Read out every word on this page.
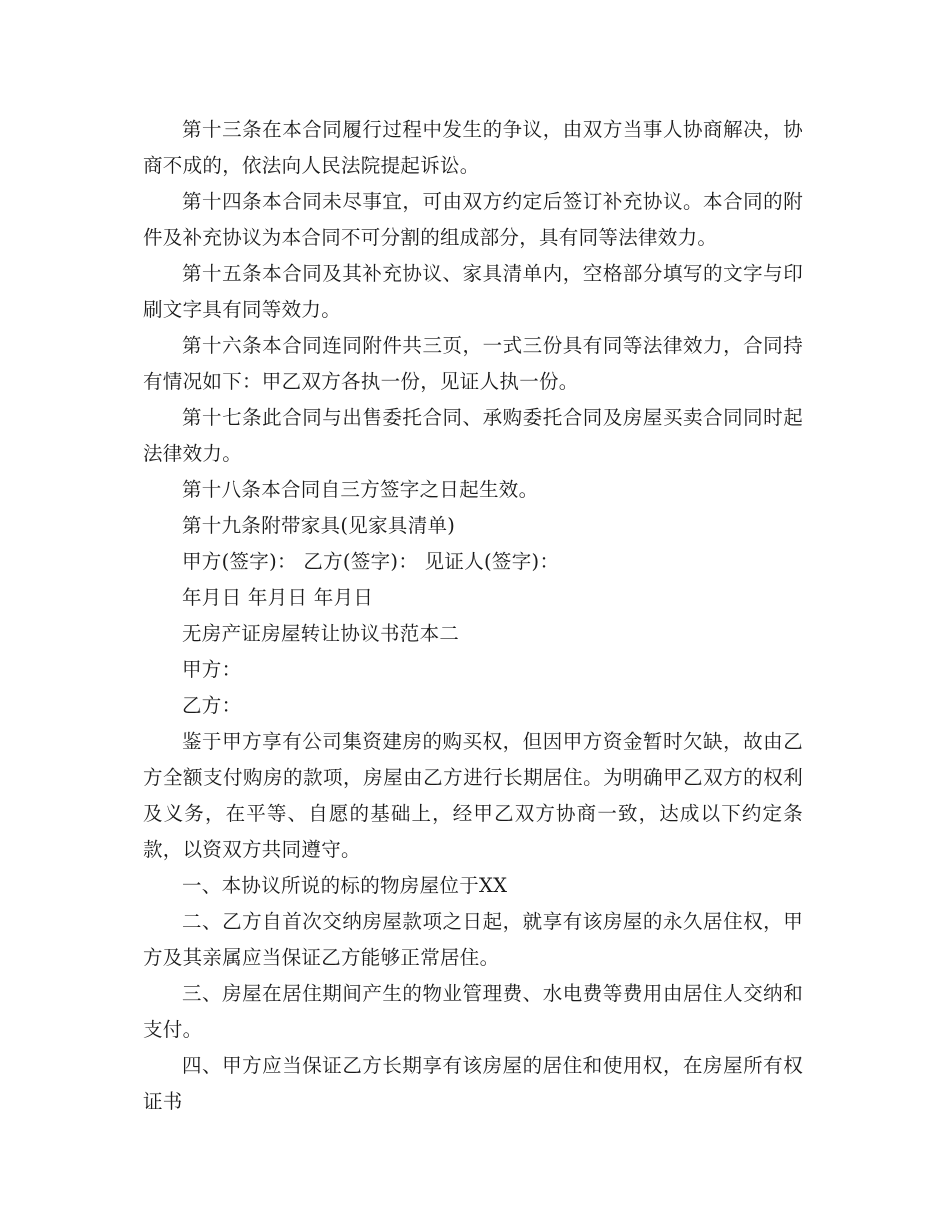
第十三条在本合同履行过程中发生的争议，由双方当事人协商解决，协商不成的，依法向人民法院提起诉讼。

第十四条本合同未尽事宜，可由双方约定后签订补充协议。本合同的附件及补充协议为本合同不可分割的组成部分，具有同等法律效力。

第十五条本合同及其补充协议、家具清单内，空格部分填写的文字与印刷文字具有同等效力。

第十六条本合同连同附件共三页，一式三份具有同等法律效力，合同持有情况如下：甲乙双方各执一份，见证人执一份。

第十七条此合同与出售委托合同、承购委托合同及房屋买卖合同同时起法律效力。

第十八条本合同自三方签字之日起生效。

第十九条附带家具(见家具清单)

甲方(签字)： 乙方(签字)： 见证人(签字)：

年月日 年月日 年月日

无房产证房屋转让协议书范本二

甲方：

乙方：

鉴于甲方享有公司集资建房的购买权，但因甲方资金暂时欠缺，故由乙方全额支付购房的款项，房屋由乙方进行长期居住。为明确甲乙双方的权利及义务，在平等、自愿的基础上，经甲乙双方协商一致，达成以下约定条款，以资双方共同遵守。

一、本协议所说的标的物房屋位于XX

二、乙方自首次交纳房屋款项之日起，就享有该房屋的永久居住权，甲方及其亲属应当保证乙方能够正常居住。

三、房屋在居住期间产生的物业管理费、水电费等费用由居住人交纳和支付。

四、甲方应当保证乙方长期享有该房屋的居住和使用权，在房屋所有权证书
